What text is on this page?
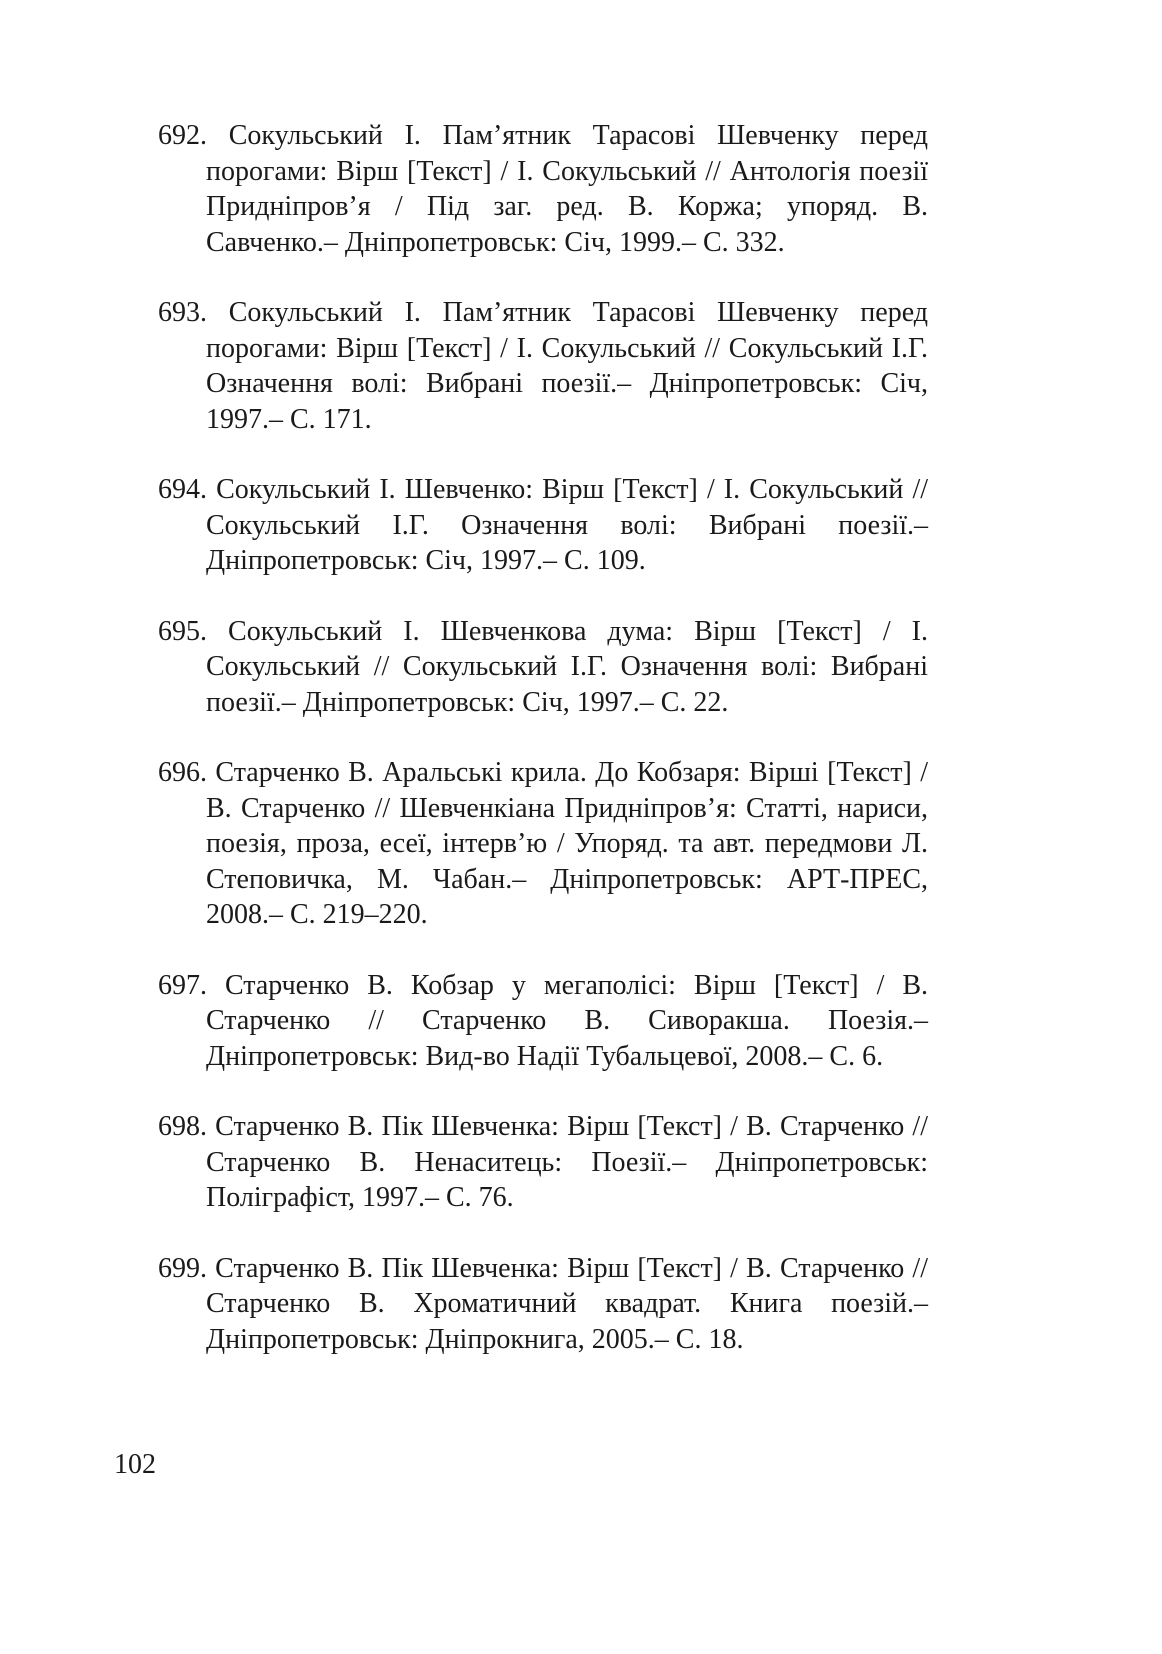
692. Сокульський І. Пам’ятник Тарасові Шевченку перед порогами: Вірш [Текст] / І. Сокульський // Антологія поезії Придніпров’я / Під заг. ред. В. Коржа; упоряд. В. Савченко.– Дніпропетровськ: Січ, 1999.– С. 332.

693. Сокульський І. Пам’ятник Тарасові Шевченку перед порогами: Вірш [Текст] / І. Сокульський // Сокульський І.Г. Означення волі: Вибрані поезії.– Дніпропетровськ: Січ, 1997.– С. 171.

694. Сокульський І. Шевченко: Вірш [Текст] / І. Сокульський // Сокульський І.Г. Означення волі: Вибрані поезії.– Дніпропетровськ: Січ, 1997.– С. 109.

695. Сокульський І. Шевченкова дума: Вірш [Текст] / І. Сокульський // Сокульський І.Г. Означення волі: Вибрані поезії.– Дніпропетровськ: Січ, 1997.– С. 22.

696. Старченко В. Аральські крила. До Кобзаря: Вірші [Текст] / В. Старченко // Шевченкіана Придніпров’я: Статті, нариси, поезія, проза, есеї, інтерв’ю / Упоряд. та авт. передмови Л. Степовичка, М. Чабан.– Дніпропетровськ: АРТ-ПРЕС, 2008.– С. 219–220.

697. Старченко В. Кобзар у мегаполісі: Вірш [Текст] / В. Старченко // Старченко В. Сиворакша. Поезія.– Дніпропетровськ: Вид-во Надії Тубальцевої, 2008.– С. 6.

698. Старченко В. Пік Шевченка: Вірш [Текст] / В. Старченко // Старченко В. Ненаситець: Поезії.– Дніпропетровськ: Поліграфіст, 1997.– С. 76.

699. Старченко В. Пік Шевченка: Вірш [Текст] / В. Старченко // Старченко В. Хроматичний квадрат. Книга поезій.– Дніпропетровськ: Дніпрокнига, 2005.– С. 18.

102
